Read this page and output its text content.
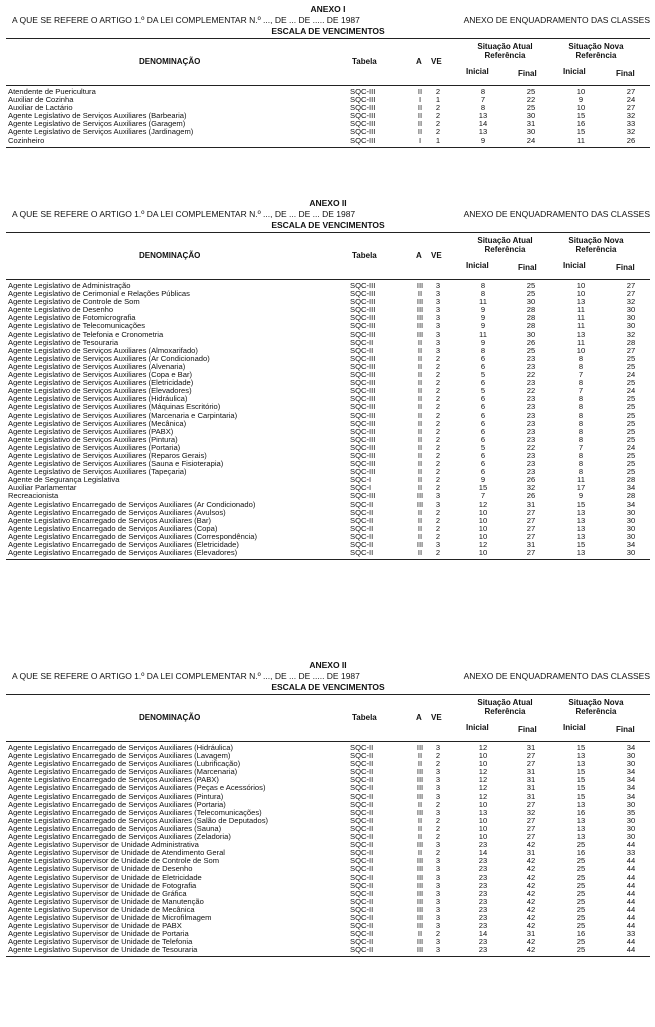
ANEXO I
A QUE SE REFERE O ARTIGO 1.º DA LEI COMPLEMENTAR N.º ..., DE ... DE ..... DE 1987	ANEXO DE ENQUADRAMENTO DAS CLASSES
ESCALA DE VENCIMENTOS
DENOMINAÇÃO	Tabela	A VE
Inicial	Final	Inicial	Final
Situação Atual
Referência
Situação Nova
Referência
Atendente de Puericultura	SQC-III	II 2	8	25	10	27
Auxiliar de Cozinha	SQC-III	I	1	7	22	9	24
Auxiliar de Lactário	SQC-III	II 2	8	25	10	27
Agente Legislativo de Serviços Auxiliares (Barbearia)	SQC-III	II 2	13	30	15	32
Agente Legislativo de Serviços Auxiliares (Garagem)	SQC-III	II 2	14	31	16	33
Agente Legislativo de Serviços Auxiliares (Jardinagem)	SQC-III	II 2	13	30	15	32
Cozinheiro	SQC-III	I	1	9	24	11	26
ANEXO II
A QUE SE REFERE O ARTIGO 1.º DA LEI COMPLEMENTAR N.º ..., DE ... DE ... DE 1987	ANEXO DE ENQUADRAMENTO DAS CLASSES
ESCALA DE VENCIMENTOS
DENOMINAÇÃO	Tabela	A VE
Inicial	Final	Inicial	Final
Situação Atual
Referência
Situação Nova
Referência
Agente Legislativo de Administração	SQC-III	III 3	8	25	10	27
Agente Legislativo de Cerimonial e Relações Públicas	SQC-III	II 3	8	25	10	27
Agente Legislativo de Controle de Som	SQC-III	III 3	11	30	13	32
Agente Legislativo de Desenho	SQC-III	III 3	9	28	11	30
Agente Legislativo de Fotomicrografia	SQC-III	III 3	9	28	11	30
Agente Legislativo de Telecomunicações	SQC-III	III 3	9	28	11	30
Agente Legislativo de Telefonia e Cronometria	SQC-III	III 3	11	30	13	32
Agente Legislativo de Tesouraria	SQC-II	II 3	9	26	11	28
Agente Legislativo de Serviços Auxiliares (Almoxarifado)	SQC-II	II 3	8	25	10	27
Agente Legislativo de Serviços Auxiliares (Ar Condicionado)	SQC-III	II 2	6	23	8	25
Agente Legislativo de Serviços Auxiliares (Alvenaria)	SQC-III	II 2	6	23	8	25
Agente Legislativo de Serviços Auxiliares (Copa e Bar)	SQC-III	II 2	5	22	7	24
Agente Legislativo de Serviços Auxiliares (Eletricidade)	SQC-III	II 2	6	23	8	25
Agente Legislativo de Serviços Auxiliares (Elevadores)	SQC-III	II 2	5	22	7	24
Agente Legislativo de Serviços Auxiliares (Hidráulica)	SQC-III	II 2	6	23	8	25
Agente Legislativo de Serviços Auxiliares (Máquinas Escritório)	SQC-III	II 2	6	23	8	25
Agente Legislativo de Serviços Auxiliares (Marcenaria e Carpintaria)	SQC-III	II 2	6	23	8	25
Agente Legislativo de Serviços Auxiliares (Mecânica)	SQC-III	II 2	6	23	8	25
Agente Legislativo de Serviços Auxiliares (PABX)	SQC-III	II 2	6	23	8	25
Agente Legislativo de Serviços Auxiliares (Pintura)	SQC-III	II 2	6	23	8	25
Agente Legislativo de Serviços Auxiliares (Portaria)	SQC-III	II 2	5	22	7	24
Agente Legislativo de Serviços Auxiliares (Reparos Gerais)	SQC-III	II 2	6	23	8	25
Agente Legislativo de Serviços Auxiliares (Sauna e Fisioterapia)	SQC-III	II 2	6	23	8	25
Agente Legislativo de Serviços Auxiliares (Tapeçaria)	SQC-III	II 2	6	23	8	25
Agente de Segurança Legislativa	SQC-I	II 2	9	26	11	28
Auxiliar Parlamentar	SQC-I	II 2	15	32	17	34
Recreacionista	SQC-III	III 3	7	26	9	28
Agente Legislativo Encarregado de Serviços Auxiliares (Ar Condicionado)	SQC-II	III 3	12	31	15	34
Agente Legislativo Encarregado de Serviços Auxiliares (Avulsos)	SQC-II	II 2	10	27	13	30
Agente Legislativo Encarregado de Serviços Auxiliares (Bar)	SQC-II	II 2	10	27	13	30
Agente Legislativo Encarregado de Serviços Auxiliares (Copa)	SQC-II	II 2	10	27	13	30
Agente Legislativo Encarregado de Serviços Auxiliares (Correspondência)	SQC-II	II 2	10	27	13	30
Agente Legislativo Encarregado de Serviços Auxiliares (Eletricidade)	SQC-II	III 3	12	31	15	34
Agente Legislativo Encarregado de Serviços Auxiliares (Elevadores)	SQC-II	II 2	10	27	13	30
ANEXO II
A QUE SE REFERE O ARTIGO 1.º DA LEI COMPLEMENTAR N.º ..., DE ... DE ..... DE 1987	ANEXO DE ENQUADRAMENTO DAS CLASSES
ESCALA DE VENCIMENTOS
DENOMINAÇÃO	Tabela	A VE
Inicial	Final	Inicial	Final
Situação Atual
Referência
Situação Nova
Referência
Agente Legislativo Encarregado de Serviços Auxiliares (Hidráulica)	SQC-II	III 3	12	31	15	34
Agente Legislativo Encarregado de Serviços Auxiliares (Lavagem)	SQC-II	II 2	10	27	13	30
Agente Legislativo Encarregado de Serviços Auxiliares (Lubrificação)	SQC-II	II 2	10	27	13	30
Agente Legislativo Encarregado de Serviços Auxiliares (Marcenaria)	SQC-II	III 3	12	31	15	34
Agente Legislativo Encarregado de Serviços Auxiliares (PABX)	SQC-II	III 3	12	31	15	34
Agente Legislativo Encarregado de Serviços Auxiliares (Peças e Acessórios)	SQC-II	III 3	12	31	15	34
Agente Legislativo Encarregado de Serviços Auxiliares (Pintura)	SQC-II	III 3	12	31	15	34
Agente Legislativo Encarregado de Serviços Auxiliares (Portaria)	SQC-II	II 2	10	27	13	30
Agente Legislativo Encarregado de Serviços Auxiliares (Telecomunicações)	SQC-II	III 3	13	32	16	35
Agente Legislativo Encarregado de Serviços Auxiliares (Salão de Deputados)	SQC-II	II 2	10	27	13	30
Agente Legislativo Encarregado de Serviços Auxiliares (Sauna)	SQC-II	II 2	10	27	13	30
Agente Legislativo Encarregado de Serviços Auxiliares (Zeladoria)	SQC-II	II 2	10	27	13	30
Agente Legislativo Supervisor de Unidade Administrativa	SQC-II	III 3	23	42	25	44
Agente Legislativo Supervisor de Unidade de Atendimento Geral	SQC-II	II 2	14	31	16	33
Agente Legislativo Supervisor de Unidade de Controle de Som	SQC-II	III 3	23	42	25	44
Agente Legislativo Supervisor de Unidade de Desenho	SQC-II	III 3	23	42	25	44
Agente Legislativo Supervisor de Unidade de Eletricidade	SQC-II	III 3	23	42	25	44
Agente Legislativo Supervisor de Unidade de Fotografia	SQC-II	III 3	23	42	25	44
Agente Legislativo Supervisor de Unidade de Gráfica	SQC-II	III 3	23	42	25	44
Agente Legislativo Supervisor de Unidade de Manutenção	SQC-II	III 3	23	42	25	44
Agente Legislativo Supervisor de Unidade de Mecânica	SQC-II	III 3	23	42	25	44
Agente Legislativo Supervisor de Unidade de Microfilmagem	SQC-II	III 3	23	42	25	44
Agente Legislativo Supervisor de Unidade de PABX	SQC-II	III 3	23	42	25	44
Agente Legislativo Supervisor de Unidade de Portaria	SQC-II	II 2	14	31	16	33
Agente Legislativo Supervisor de Unidade de Telefonia	SQC-II	III 3	23	42	25	44
Agente Legislativo Supervisor de Unidade de Tesouraria	SQC-II	III 3	23	42	25	44
